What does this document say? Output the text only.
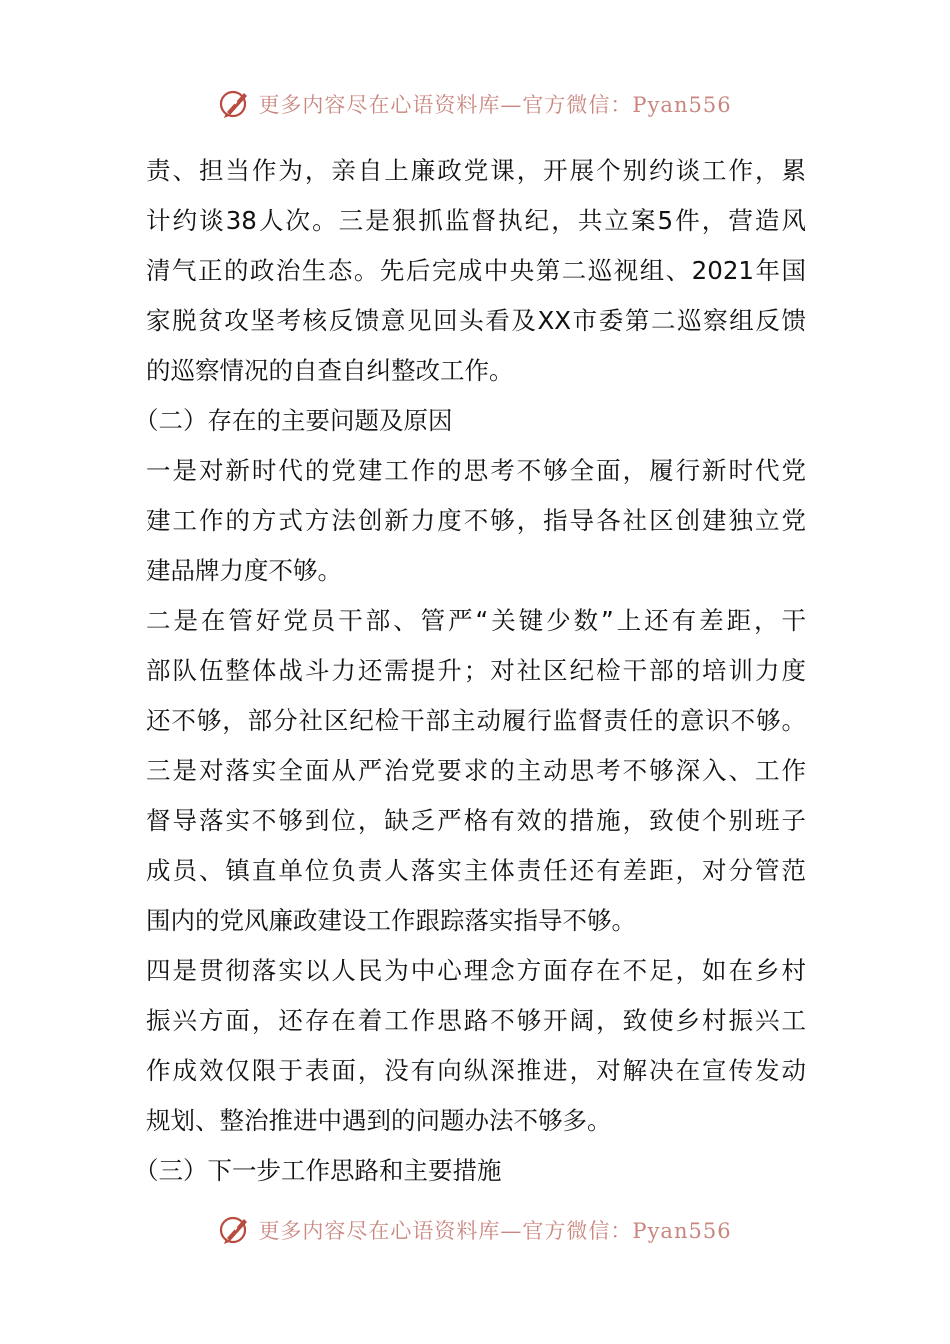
更多内容尽在心语资料库—官方微信：Pyan556
责、担当作为，亲自上廉政党课，开展个别约谈工作，累
计约谈38人次。三是狠抓监督执纪，共立案5件，营造风
清气正的政治生态。先后完成中央第二巡视组、2021年国
家脱贫攻坚考核反馈意见回头看及XX市委第二巡察组反馈
的巡察情况的自查自纠整改工作。
（二）存在的主要问题及原因
一是对新时代的党建工作的思考不够全面，履行新时代党
建工作的方式方法创新力度不够，指导各社区创建独立党
建品牌力度不够。
二是在管好党员干部、管严“关键少数”上还有差距，干
部队伍整体战斗力还需提升；对社区纪检干部的培训力度
还不够，部分社区纪检干部主动履行监督责任的意识不够。
三是对落实全面从严治党要求的主动思考不够深入、工作
督导落实不够到位，缺乏严格有效的措施，致使个别班子
成员、镇直单位负责人落实主体责任还有差距，对分管范
围内的党风廉政建设工作跟踪落实指导不够。
四是贯彻落实以人民为中心理念方面存在不足，如在乡村
振兴方面，还存在着工作思路不够开阔，致使乡村振兴工
作成效仅限于表面，没有向纵深推进，对解决在宣传发动
规划、整治推进中遇到的问题办法不够多。
（三）下一步工作思路和主要措施
更多内容尽在心语资料库—官方微信：Pyan556
